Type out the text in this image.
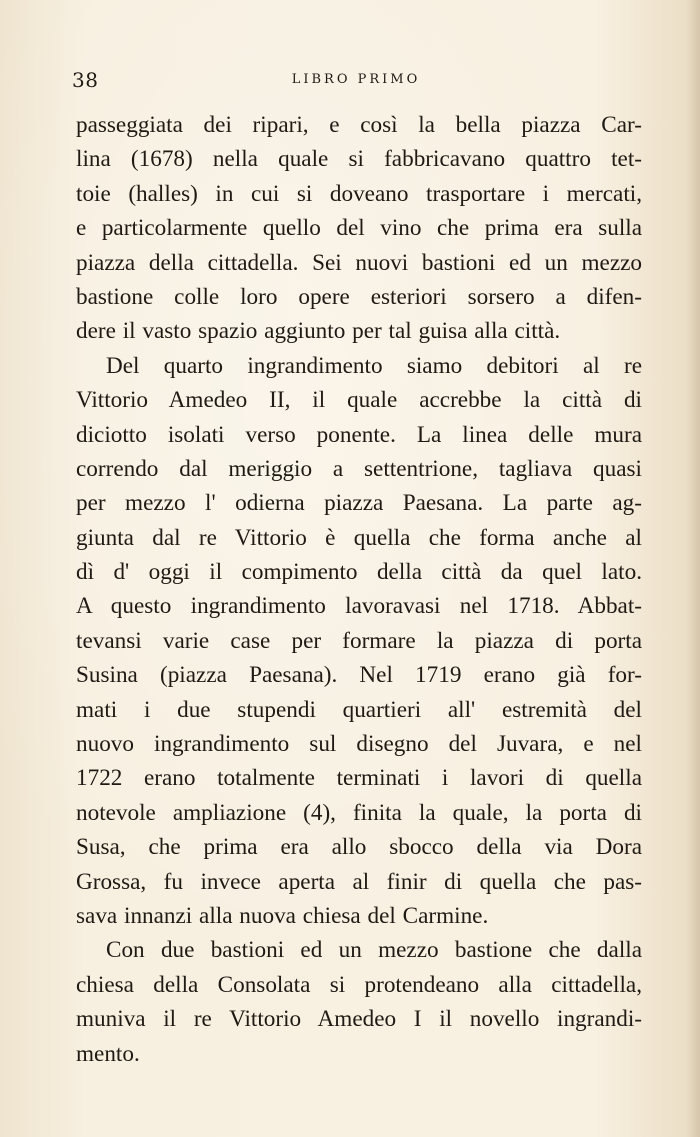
38	LIBRO PRIMO
passeggiata dei ripari, e così la bella piazza Car-
lina (1678) nella quale si fabbricavano quattro tet-
toie (halles) in cui si doveano trasportare i mercati,
e particolarmente quello del vino che prima era sulla
piazza della cittadella. Sei nuovi bastioni ed un mezzo
bastione colle loro opere esteriori sorsero a difen-
dere il vasto spazio aggiunto per tal guisa alla città.
Del quarto ingrandimento siamo debitori al re
Vittorio Amedeo II, il quale accrebbe la città di
diciotto isolati verso ponente. La linea delle mura
correndo dal meriggio a settentrione, tagliava quasi
per mezzo l' odierna piazza Paesana. La parte ag-
giunta dal re Vittorio è quella che forma anche al
dì d' oggi il compimento della città da quel lato.
A questo ingrandimento lavoravasi nel 1718. Abbat-
tevansi varie case per formare la piazza di porta
Susina (piazza Paesana). Nel 1719 erano già for-
mati i due stupendi quartieri all' estremità del
nuovo ingrandimento sul disegno del Juvara, e nel
1722 erano totalmente terminati i lavori di quella
notevole ampliazione (4), finita la quale, la porta di
Susa, che prima era allo sbocco della via Dora
Grossa, fu invece aperta al finir di quella che pas-
sava innanzi alla nuova chiesa del Carmine.
Con due bastioni ed un mezzo bastione che dalla
chiesa della Consolata si protendeano alla cittadella,
muniva il re Vittorio Amedeo I il novello ingrandi-
mento.
